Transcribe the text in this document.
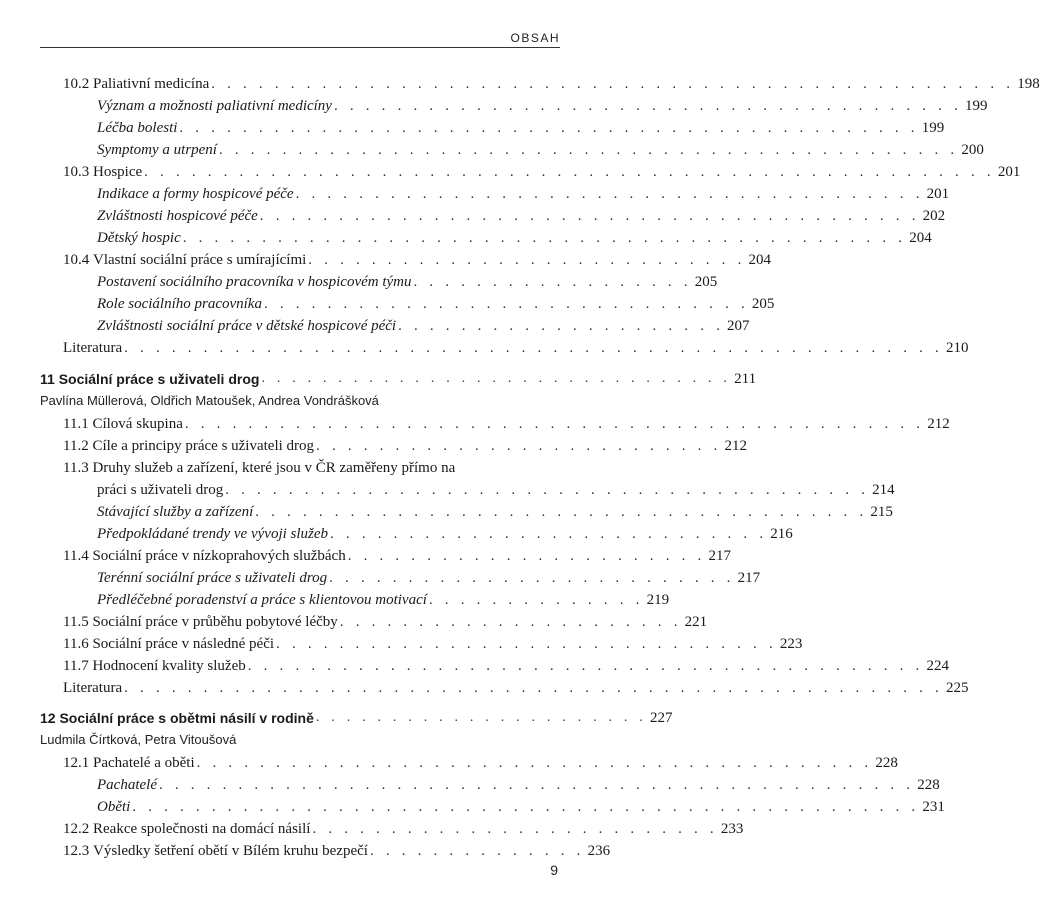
OBSAH
10.2 Paliativní medicína . . . . . . . . . . . . . . . . . . . . . . . . . . . . . . . . . . . . . . . . . . . . . . . . . . . 198
Význam a možnosti paliativní medicíny . . . . . . . . . . . . . . . . . . . . . . . . . . . . . . . . . . . . . . . . 199
Léčba bolesti . . . . . . . . . . . . . . . . . . . . . . . . . . . . . . . . . . . . . . . . . . . . . . . 199
Symptomy a utrpení . . . . . . . . . . . . . . . . . . . . . . . . . . . . . . . . . . . . . . . . . . . . . . . 200
10.3 Hospice . . . . . . . . . . . . . . . . . . . . . . . . . . . . . . . . . . . . . . . . . . . . . . . . . . . . . . 201
Indikace a formy hospicové péče . . . . . . . . . . . . . . . . . . . . . . . . . . . . . . . . . . . . . . . . 201
Zvláštnosti hospicové péče . . . . . . . . . . . . . . . . . . . . . . . . . . . . . . . . . . . . . . . . . . 202
Dětský hospic . . . . . . . . . . . . . . . . . . . . . . . . . . . . . . . . . . . . . . . . . . . . . . 204
10.4 Vlastní sociální práce s umírajícími . . . . . . . . . . . . . . . . . . . . . . . . . . . . 204
Postavení sociálního pracovníka v hospicovém týmu . . . . . . . . . . . . . . . . . . 205
Role sociálního pracovníka . . . . . . . . . . . . . . . . . . . . . . . . . . . . . . . 205
Zvláštnosti sociální práce v dětské hospicové péči . . . . . . . . . . . . . . . . . . . . . 207
Literatura . . . . . . . . . . . . . . . . . . . . . . . . . . . . . . . . . . . . . . . . . . . . . . . . . . . . 210
11 Sociální práce s uživateli drog . . . . . . . . . . . . . . . . . . . . . . . . . . . . . . . 211
Pavlína Müllerová, Oldřich Matoušek, Andrea Vondrášková
11.1 Cílová skupina . . . . . . . . . . . . . . . . . . . . . . . . . . . . . . . . . . . . . . . . . . . . . . . 212
11.2 Cíle a principy práce s uživateli drog . . . . . . . . . . . . . . . . . . . . . . . . . . 212
11.3 Druhy služeb a zařízení, které jsou v ČR zaměřeny přímo na
práci s uživateli drog . . . . . . . . . . . . . . . . . . . . . . . . . . . . . . . . . . . . . . . . . 214
Stávající služby a zařízení . . . . . . . . . . . . . . . . . . . . . . . . . . . . . . . . . . . . . . . 215
Předpokládané trendy ve vývoji služeb . . . . . . . . . . . . . . . . . . . . . . . . . . . . 216
11.4 Sociální práce v nízkoprahových službách . . . . . . . . . . . . . . . . . . . . . . . 217
Terénní sociální práce s uživateli drog . . . . . . . . . . . . . . . . . . . . . . . . . . 217
Předléčebné poradenství a práce s klientovou motivací . . . . . . . . . . . . . . 219
11.5 Sociální práce v průběhu pobytové léčby . . . . . . . . . . . . . . . . . . . . . . 221
11.6 Sociální práce v následné péči . . . . . . . . . . . . . . . . . . . . . . . . . . . . . . . . 223
11.7 Hodnocení kvality služeb . . . . . . . . . . . . . . . . . . . . . . . . . . . . . . . . . . . . . . . . . . . 224
Literatura . . . . . . . . . . . . . . . . . . . . . . . . . . . . . . . . . . . . . . . . . . . . . . . . . . . . 225
12 Sociální práce s obětmi násilí v rodině . . . . . . . . . . . . . . . . . . . . . . 227
Ludmila Čírtková, Petra Vitoušová
12.1 Pachatelé a oběti . . . . . . . . . . . . . . . . . . . . . . . . . . . . . . . . . . . . . . . . . . . 228
Pachatelé . . . . . . . . . . . . . . . . . . . . . . . . . . . . . . . . . . . . . . . . . . . . . . . . 228
Oběti . . . . . . . . . . . . . . . . . . . . . . . . . . . . . . . . . . . . . . . . . . . . . . . . . . 231
12.2 Reakce společnosti na domácí násilí . . . . . . . . . . . . . . . . . . . . . . . . . . 233
12.3 Výsledky šetření obětí v Bílém kruhu bezpečí . . . . . . . . . . . . . . 236
9
